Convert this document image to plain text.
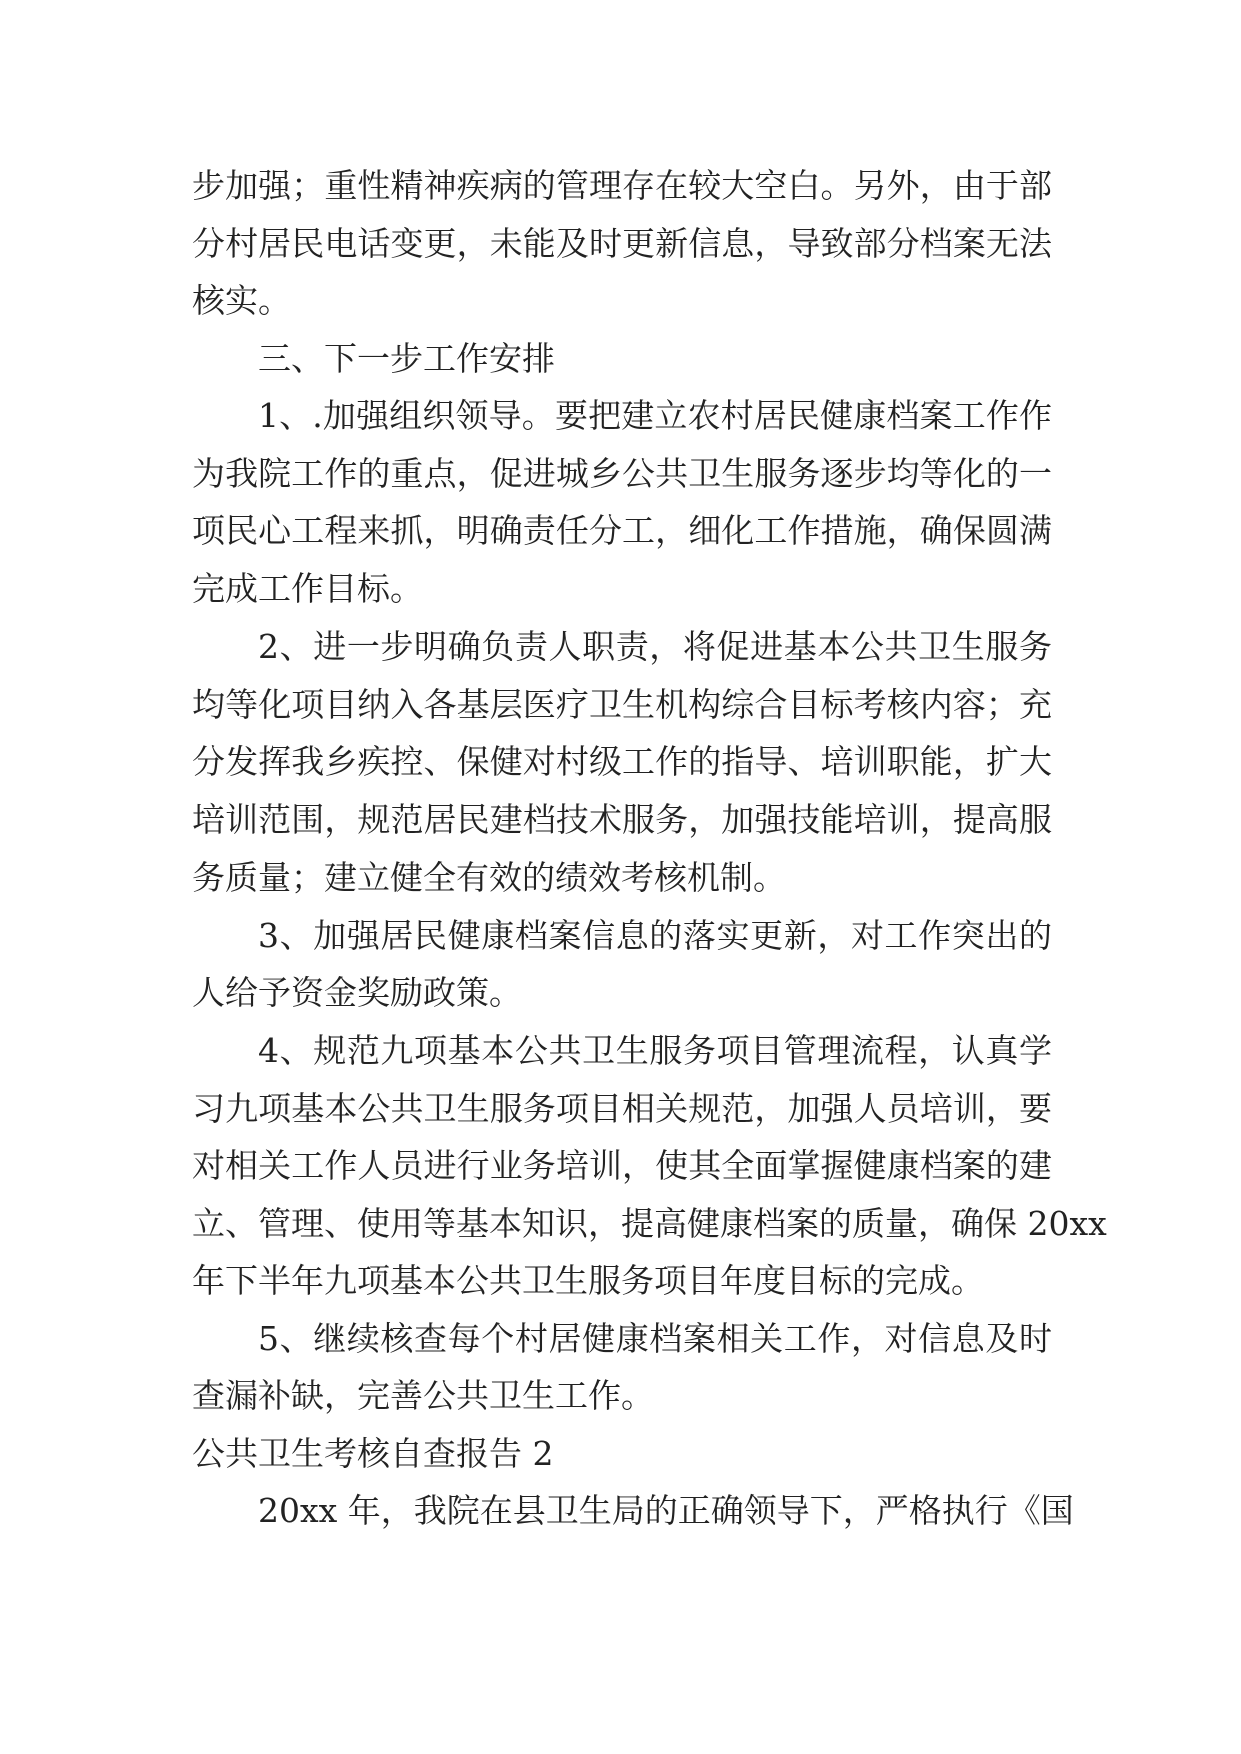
步加强；重性精神疾病的管理存在较大空白。另外，由于部
分村居民电话变更，未能及时更新信息，导致部分档案无法
核实。
三、下一步工作安排
1、.加强组织领导。要把建立农村居民健康档案工作作
为我院工作的重点，促进城乡公共卫生服务逐步均等化的一
项民心工程来抓，明确责任分工，细化工作措施，确保圆满
完成工作目标。
2、进一步明确负责人职责，将促进基本公共卫生服务
均等化项目纳入各基层医疗卫生机构综合目标考核内容；充
分发挥我乡疾控、保健对村级工作的指导、培训职能，扩大
培训范围，规范居民建档技术服务，加强技能培训，提高服
务质量；建立健全有效的绩效考核机制。
3、加强居民健康档案信息的落实更新，对工作突出的
人给予资金奖励政策。
4、规范九项基本公共卫生服务项目管理流程，认真学
习九项基本公共卫生服务项目相关规范，加强人员培训，要
对相关工作人员进行业务培训，使其全面掌握健康档案的建
立、管理、使用等基本知识，提高健康档案的质量，确保 20xx
年下半年九项基本公共卫生服务项目年度目标的完成。
5、继续核查每个村居健康档案相关工作，对信息及时
查漏补缺，完善公共卫生工作。
公共卫生考核自查报告 2
20xx 年，我院在县卫生局的正确领导下，严格执行《国
